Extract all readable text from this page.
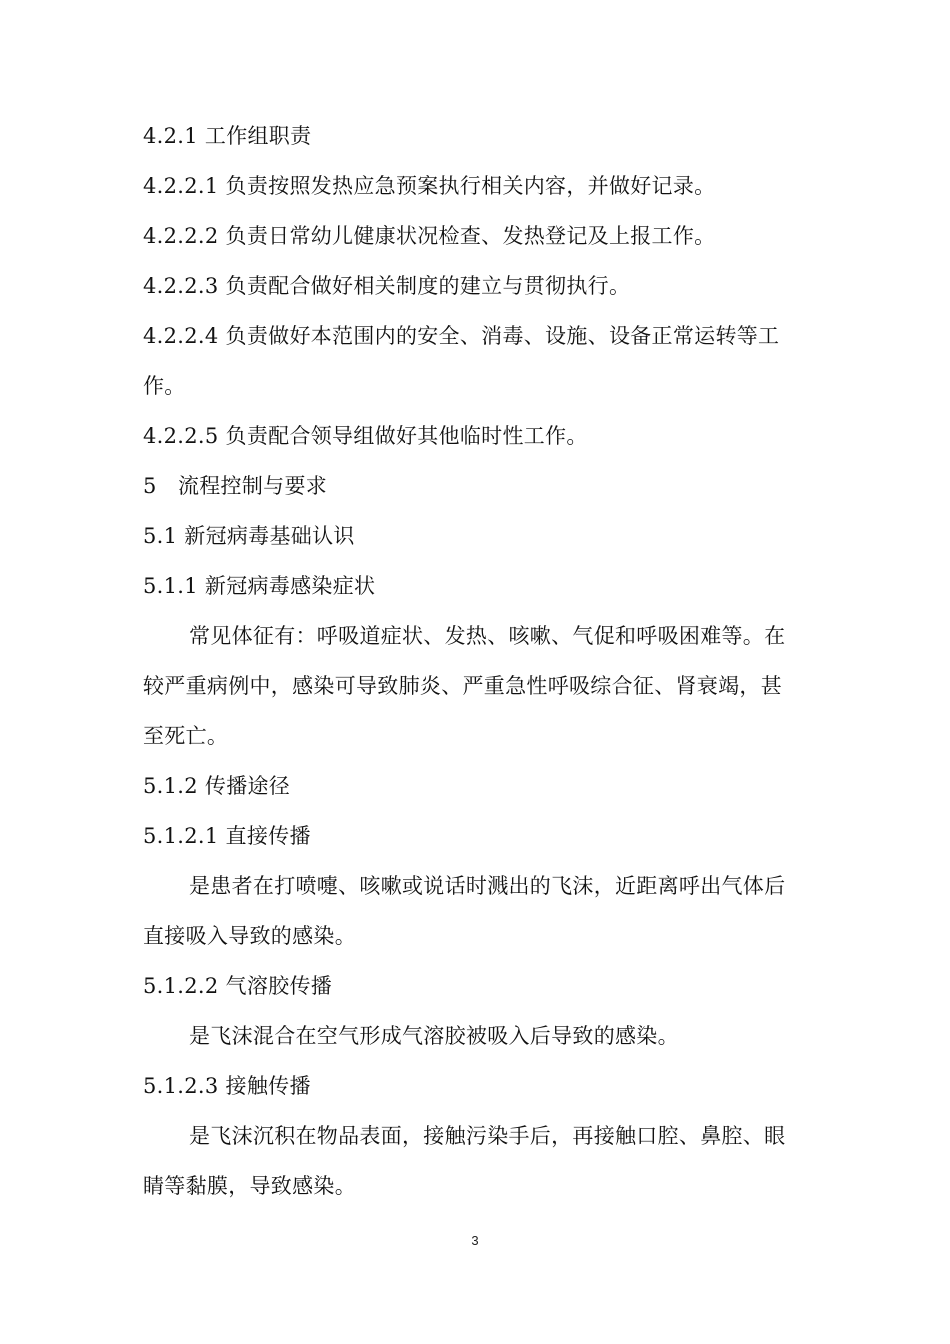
4.2.1 工作组职责
4.2.2.1 负责按照发热应急预案执行相关内容，并做好记录。
4.2.2.2 负责日常幼儿健康状况检查、发热登记及上报工作。
4.2.2.3 负责配合做好相关制度的建立与贯彻执行。
4.2.2.4 负责做好本范围内的安全、消毒、设施、设备正常运转等工
作。
4.2.2.5 负责配合领导组做好其他临时性工作。
5　流程控制与要求
5.1 新冠病毒基础认识
5.1.1 新冠病毒感染症状
常见体征有：呼吸道症状、发热、咳嗽、气促和呼吸困难等。在
较严重病例中，感染可导致肺炎、严重急性呼吸综合征、肾衰竭，甚
至死亡。
5.1.2 传播途径
5.1.2.1 直接传播
是患者在打喷嚏、咳嗽或说话时溅出的飞沫，近距离呼出气体后
直接吸入导致的感染。
5.1.2.2 气溶胶传播
是飞沫混合在空气形成气溶胶被吸入后导致的感染。
5.1.2.3 接触传播
是飞沫沉积在物品表面，接触污染手后，再接触口腔、鼻腔、眼
睛等黏膜，导致感染。
3
